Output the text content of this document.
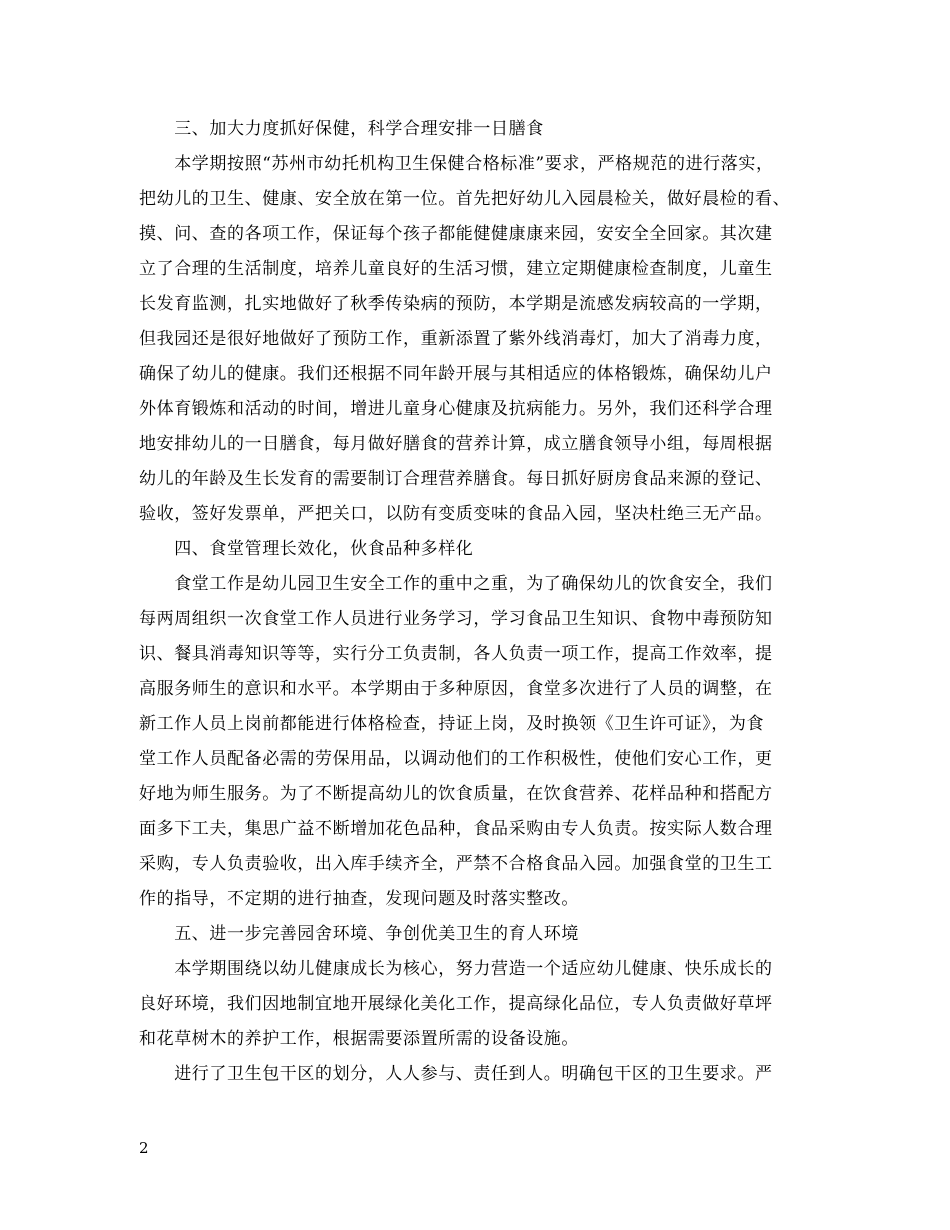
　　三、加大力度抓好保健，科学合理安排一日膳食
　　本学期按照“苏州市幼托机构卫生保健合格标准”要求，严格规范的进行落实，
把幼儿的卫生、健康、安全放在第一位。首先把好幼儿入园晨检关，做好晨检的看、
摸、问、查的各项工作，保证每个孩子都能健健康康来园，安安全全回家。其次建
立了合理的生活制度，培养儿童良好的生活习惯，建立定期健康检查制度，儿童生
长发育监测，扎实地做好了秋季传染病的预防，本学期是流感发病较高的一学期，
但我园还是很好地做好了预防工作，重新添置了紫外线消毒灯，加大了消毒力度，
确保了幼儿的健康。我们还根据不同年龄开展与其相适应的体格锻炼，确保幼儿户
外体育锻炼和活动的时间，增进儿童身心健康及抗病能力。另外，我们还科学合理
地安排幼儿的一日膳食，每月做好膳食的营养计算，成立膳食领导小组，每周根据
幼儿的年龄及生长发育的需要制订合理营养膳食。每日抓好厨房食品来源的登记、
验收，签好发票单，严把关口，以防有变质变味的食品入园，坚决杜绝三无产品。
　　四、食堂管理长效化，伙食品种多样化
　　食堂工作是幼儿园卫生安全工作的重中之重，为了确保幼儿的饮食安全，我们
每两周组织一次食堂工作人员进行业务学习，学习食品卫生知识、食物中毒预防知
识、餐具消毒知识等等，实行分工负责制，各人负责一项工作，提高工作效率，提
高服务师生的意识和水平。本学期由于多种原因，食堂多次进行了人员的调整，在
新工作人员上岗前都能进行体格检查，持证上岗，及时换领《卫生许可证》，为食
堂工作人员配备必需的劳保用品，以调动他们的工作积极性，使他们安心工作，更
好地为师生服务。为了不断提高幼儿的饮食质量，在饮食营养、花样品种和搭配方
面多下工夫，集思广益不断增加花色品种，食品采购由专人负责。按实际人数合理
采购，专人负责验收，出入库手续齐全，严禁不合格食品入园。加强食堂的卫生工
作的指导，不定期的进行抽查，发现问题及时落实整改。
　　五、进一步完善园舍环境、争创优美卫生的育人环境
　　本学期围绕以幼儿健康成长为核心，努力营造一个适应幼儿健康、快乐成长的
良好环境，我们因地制宜地开展绿化美化工作，提高绿化品位，专人负责做好草坪
和花草树木的养护工作，根据需要添置所需的设备设施。
　　进行了卫生包干区的划分，人人参与、责任到人。明确包干区的卫生要求。严
2
